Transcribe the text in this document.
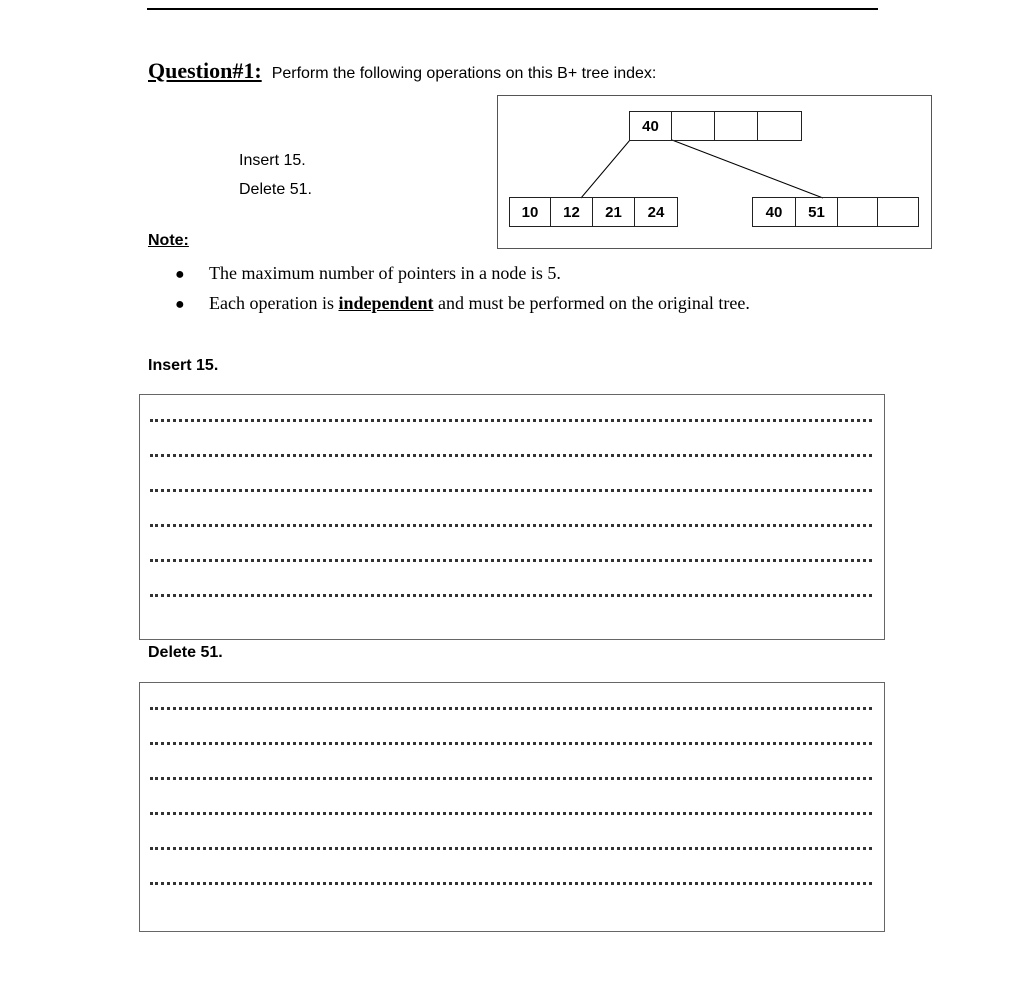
Question#1: Perform the following operations on this B+ tree index:
Insert 15.
Delete 51.
40
10	12	21	24	40	51
Note:
●	The maximum number of pointers in a node is 5.
●	Each operation is independent and must be performed on the original tree.
Insert 15.
Delete 51.
